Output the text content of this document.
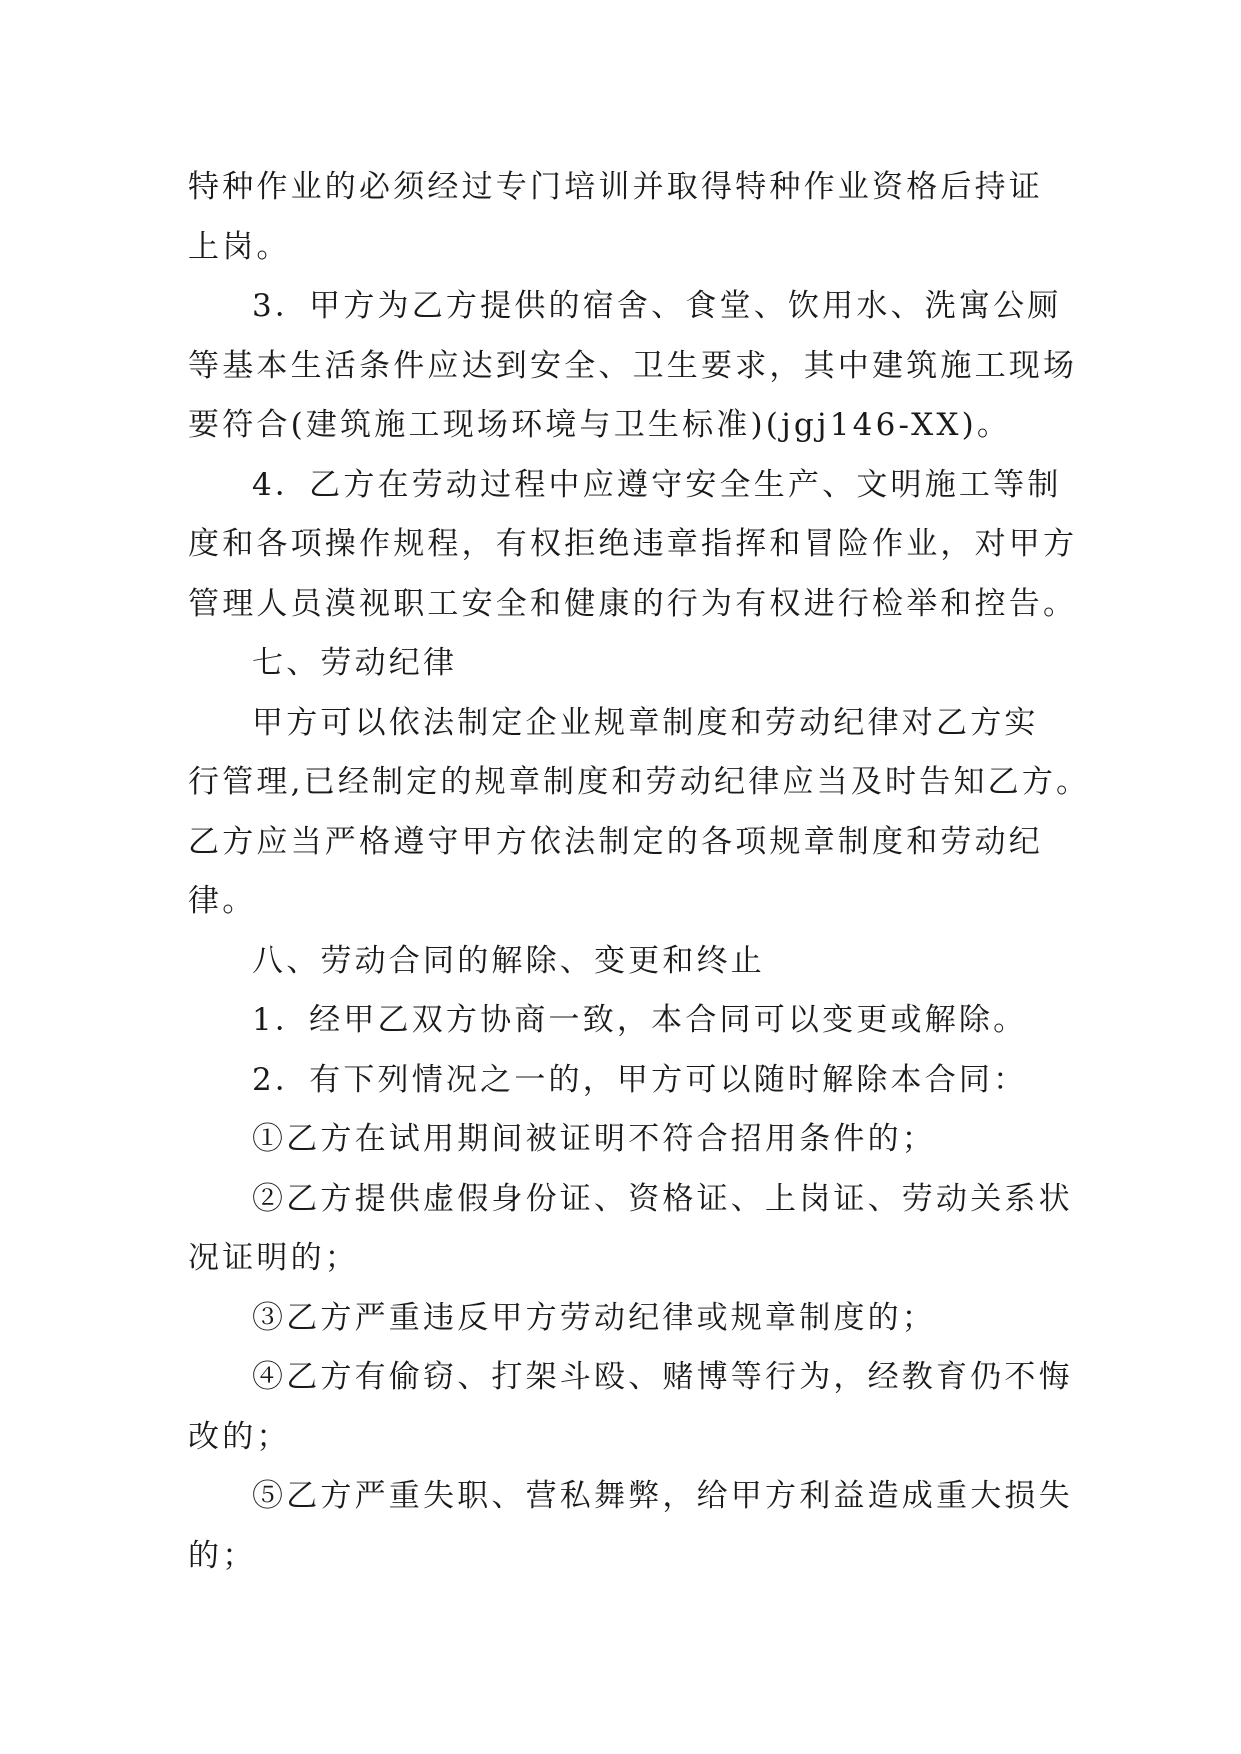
特种作业的必须经过专门培训并取得特种作业资格后持证
上岗。
3．甲方为乙方提供的宿舍、食堂、饮用水、洗寓公厕
等基本生活条件应达到安全、卫生要求，其中建筑施工现场
要符合(建筑施工现场环境与卫生标准)(jgj146-XX)。
4．乙方在劳动过程中应遵守安全生产、文明施工等制
度和各项操作规程，有权拒绝违章指挥和冒险作业，对甲方
管理人员漠视职工安全和健康的行为有权进行检举和控告。
七、劳动纪律
甲方可以依法制定企业规章制度和劳动纪律对乙方实
行管理,已经制定的规章制度和劳动纪律应当及时告知乙方。
乙方应当严格遵守甲方依法制定的各项规章制度和劳动纪
律。
八、劳动合同的解除、变更和终止
1．经甲乙双方协商一致，本合同可以变更或解除。
2．有下列情况之一的，甲方可以随时解除本合同：
①乙方在试用期间被证明不符合招用条件的；
②乙方提供虚假身份证、资格证、上岗证、劳动关系状
况证明的；
③乙方严重违反甲方劳动纪律或规章制度的；
④乙方有偷窃、打架斗殴、赌博等行为，经教育仍不悔
改的；
⑤乙方严重失职、营私舞弊，给甲方利益造成重大损失
的；
